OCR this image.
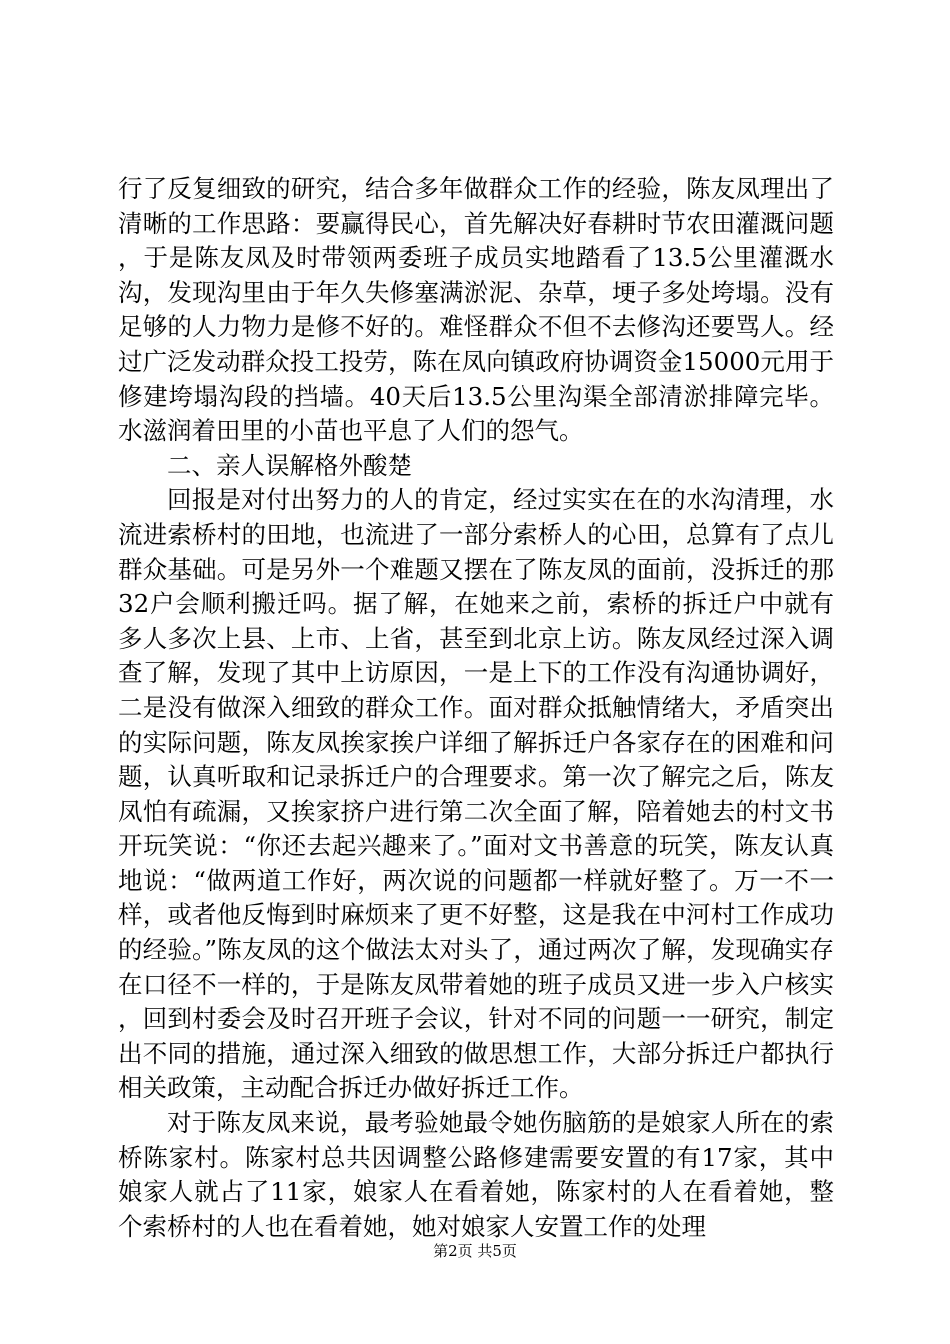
行了反复细致的研究，结合多年做群众工作的经验，陈友凤理出了清晰的工作思路：要赢得民心，首先解决好春耕时节农田灌溉问题，于是陈友凤及时带领两委班子成员实地踏看了13.5公里灌溉水沟，发现沟里由于年久失修塞满淤泥、杂草，埂子多处垮塌。没有足够的人力物力是修不好的。难怪群众不但不去修沟还要骂人。经过广泛发动群众投工投劳，陈在凤向镇政府协调资金15000元用于修建垮塌沟段的挡墙。40天后13.5公里沟渠全部清淤排障完毕。水滋润着田里的小苗也平息了人们的怨气。

二、亲人误解格外酸楚

回报是对付出努力的人的肯定，经过实实在在的水沟清理，水流进索桥村的田地，也流进了一部分索桥人的心田，总算有了点儿群众基础。可是另外一个难题又摆在了陈友凤的面前，没拆迁的那32户会顺利搬迁吗。据了解，在她来之前，索桥的拆迁户中就有多人多次上县、上市、上省，甚至到北京上访。陈友凤经过深入调查了解，发现了其中上访原因，一是上下的工作没有沟通协调好，二是没有做深入细致的群众工作。面对群众抵触情绪大，矛盾突出的实际问题，陈友凤挨家挨户详细了解拆迁户各家存在的困难和问题，认真听取和记录拆迁户的合理要求。第一次了解完之后，陈友凤怕有疏漏，又挨家挤户进行第二次全面了解，陪着她去的村文书开玩笑说：“你还去起兴趣来了。”面对文书善意的玩笑，陈友认真地说：“做两道工作好，两次说的问题都一样就好整了。万一不一样，或者他反悔到时麻烦来了更不好整，这是我在中河村工作成功的经验。”陈友凤的这个做法太对头了，通过两次了解，发现确实存在口径不一样的，于是陈友凤带着她的班子成员又进一步入户核实，回到村委会及时召开班子会议，针对不同的问题一一研究，制定出不同的措施，通过深入细致的做思想工作，大部分拆迁户都执行相关政策，主动配合拆迁办做好拆迁工作。

对于陈友凤来说，最考验她最令她伤脑筋的是娘家人所在的索桥陈家村。陈家村总共因调整公路修建需要安置的有17家，其中娘家人就占了11家，娘家人在看着她，陈家村的人在看着她，整个索桥村的人也在看着她，她对娘家人安置工作的处理

第2页 共5页
